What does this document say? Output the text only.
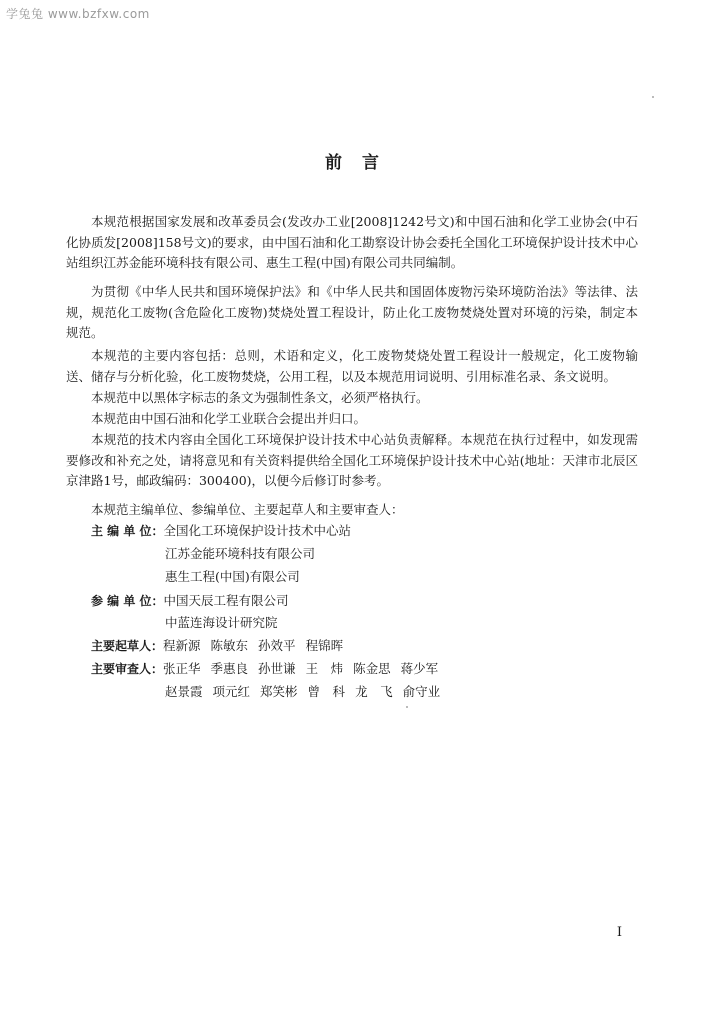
学兔兔 www.bzfxw.com
前言

本规范根据国家发展和改革委员会(发改办工业[2008]1242号文)和中国石油和化学工业协会(中石化协质发[2008]158号文)的要求，由中国石油和化工勘察设计协会委托全国化工环境保护设计技术中心站组织江苏金能环境科技有限公司、惠生工程(中国)有限公司共同编制。

为贯彻《中华人民共和国环境保护法》和《中华人民共和国固体废物污染环境防治法》等法律、法规，规范化工废物(含危险化工废物)焚烧处置工程设计，防止化工废物焚烧处置对环境的污染，制定本规范。

本规范的主要内容包括：总则，术语和定义，化工废物焚烧处置工程设计一般规定，化工废物输送、储存与分析化验，化工废物焚烧，公用工程，以及本规范用词说明、引用标准名录、条文说明。

本规范中以黑体字标志的条文为强制性条文，必须严格执行。

本规范由中国石油和化学工业联合会提出并归口。

本规范的技术内容由全国化工环境保护设计技术中心站负责解释。本规范在执行过程中，如发现需要修改和补充之处，请将意见和有关资料提供给全国化工环境保护设计技术中心站(地址：天津市北辰区京津路1号，邮政编码：300400)，以便今后修订时参考。

本规范主编单位、参编单位、主要起草人和主要审查人：

主 编 单 位：全国化工环境保护设计技术中心站
江苏金能环境科技有限公司
惠生工程(中国)有限公司
参 编 单 位：中国天辰工程有限公司
中蓝连海设计研究院
主要起草人：程新源 陈敏东 孙效平 程锦晖
主要审查人：张正华 季惠良 孙世谦 王　炜 陈金思 蒋少军
赵景霞 项元红 郑笑彬 曾　科 龙　飞 俞守业
I
